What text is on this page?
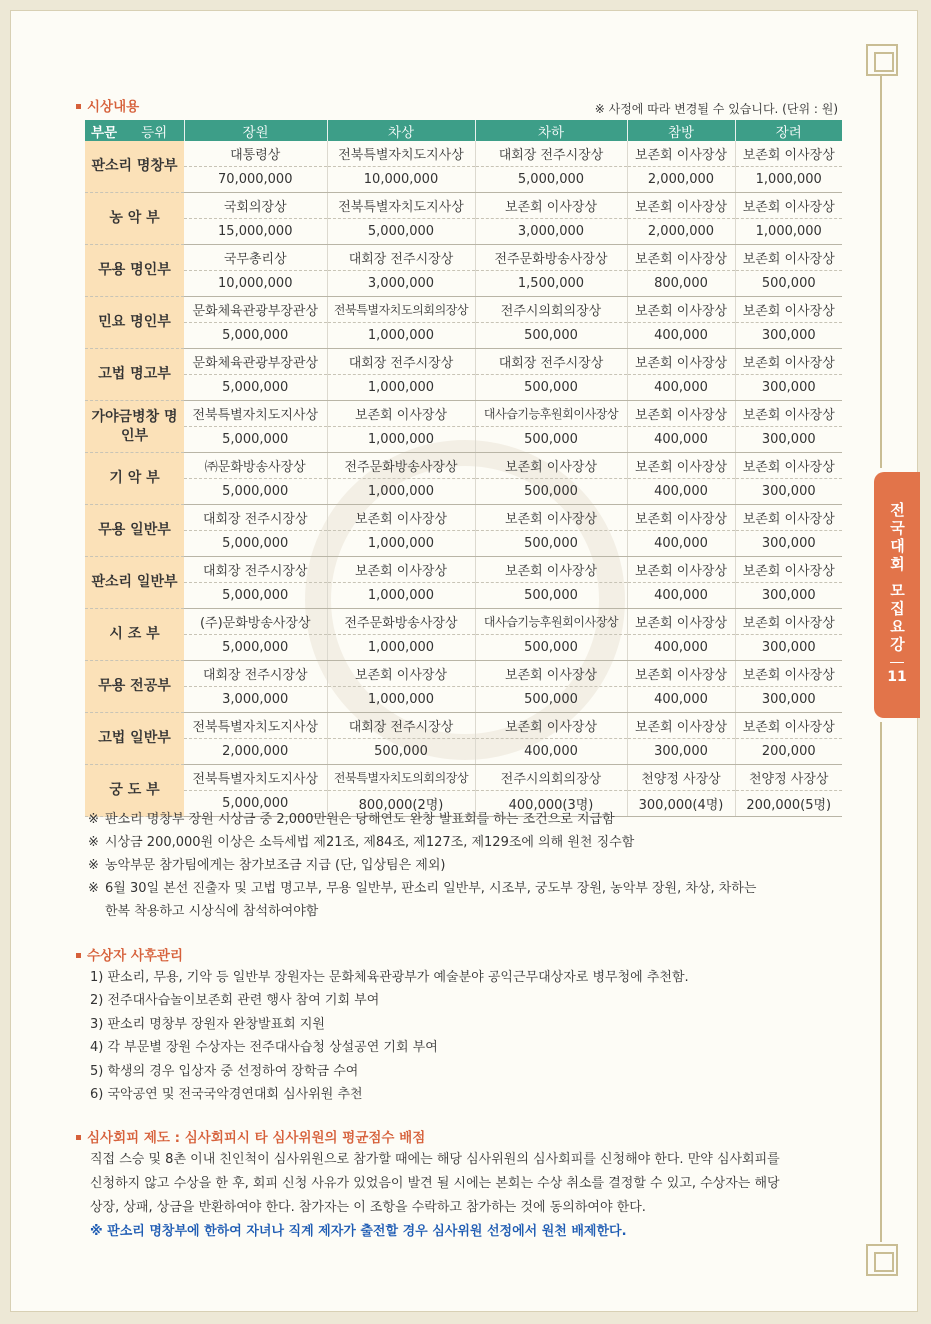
전국대회 모집요강
11
시상내용	※ 사정에 따라 변경될 수 있습니다. (단위 : 원)
부문 등위	장원	차상	차하	참방	장려
판소리 명창부	대통령상	전북특별자치도지사상	대회장 전주시장상	보존회 이사장상	보존회 이사장상
	70,000,000	10,000,000	5,000,000	2,000,000	1,000,000
농 악 부	국회의장상	전북특별자치도지사상	보존회 이사장상	보존회 이사장상	보존회 이사장상
	15,000,000	5,000,000	3,000,000	2,000,000	1,000,000
무용 명인부	국무총리상	대회장 전주시장상	전주문화방송사장상	보존회 이사장상	보존회 이사장상
	10,000,000	3,000,000	1,500,000	800,000	500,000
민요 명인부	문화체육관광부장관상	전북특별자치도의회의장상	전주시의회의장상	보존회 이사장상	보존회 이사장상
	5,000,000	1,000,000	500,000	400,000	300,000
고법 명고부	문화체육관광부장관상	대회장 전주시장상	대회장 전주시장상	보존회 이사장상	보존회 이사장상
	5,000,000	1,000,000	500,000	400,000	300,000
가야금병창 명인부	전북특별자치도지사상	보존회 이사장상	대사습기능후원회이사장상	보존회 이사장상	보존회 이사장상
	5,000,000	1,000,000	500,000	400,000	300,000
기 악 부	㈜문화방송사장상	전주문화방송사장상	보존회 이사장상	보존회 이사장상	보존회 이사장상
	5,000,000	1,000,000	500,000	400,000	300,000
무용 일반부	대회장 전주시장상	보존회 이사장상	보존회 이사장상	보존회 이사장상	보존회 이사장상
	5,000,000	1,000,000	500,000	400,000	300,000
판소리 일반부	대회장 전주시장상	보존회 이사장상	보존회 이사장상	보존회 이사장상	보존회 이사장상
	5,000,000	1,000,000	500,000	400,000	300,000
시 조 부	(주)문화방송사장상	전주문화방송사장상	대사습기능후원회이사장상	보존회 이사장상	보존회 이사장상
	5,000,000	1,000,000	500,000	400,000	300,000
무용 전공부	대회장 전주시장상	보존회 이사장상	보존회 이사장상	보존회 이사장상	보존회 이사장상
	3,000,000	1,000,000	500,000	400,000	300,000
고법 일반부	전북특별자치도지사상	대회장 전주시장상	보존회 이사장상	보존회 이사장상	보존회 이사장상
	2,000,000	500,000	400,000	300,000	200,000
궁 도 부	전북특별자치도지사상	전북특별자치도의회의장상	전주시의회의장상	천양정 사장상	천양정 사장상
	5,000,000	800,000(2명)	400,000(3명)	300,000(4명)	200,000(5명)
※ 판소리 명창부 장원 시상금 중 2,000만원은 당해연도 완창 발표회를 하는 조건으로 지급함
※ 시상금 200,000원 이상은 소득세법 제21조, 제84조, 제127조, 제129조에 의해 원천 징수함
※ 농악부문 참가팀에게는 참가보조금 지급 (단, 입상팀은 제외)
※ 6월 30일 본선 진출자 및 고법 명고부, 무용 일반부, 판소리 일반부, 시조부, 궁도부 장원, 농악부 장원, 차상, 차하는
한복 착용하고 시상식에 참석하여야함
수상자 사후관리
1) 판소리, 무용, 기악 등 일반부 장원자는 문화체육관광부가 예술분야 공익근무대상자로 병무청에 추천함.
2) 전주대사습놀이보존회 관련 행사 참여 기회 부여
3) 판소리 명창부 장원자 완창발표회 지원
4) 각 부문별 장원 수상자는 전주대사습청 상설공연 기회 부여
5) 학생의 경우 입상자 중 선정하여 장학금 수여
6) 국악공연 및 전국국악경연대회 심사위원 추천
심사회피 제도 : 심사회피시 타 심사위원의 평균점수 배점
직접 스승 및 8촌 이내 친인척이 심사위원으로 참가할 때에는 해당 심사위원의 심사회피를 신청해야 한다. 만약 심사회피를
신청하지 않고 수상을 한 후, 회피 신청 사유가 있었음이 발견 될 시에는 본회는 수상 취소를 결정할 수 있고, 수상자는 해당
상장, 상패, 상금을 반환하여야 한다. 참가자는 이 조항을 수락하고 참가하는 것에 동의하여야 한다.
※ 판소리 명창부에 한하여 자녀나 직계 제자가 출전할 경우 심사위원 선정에서 원천 배제한다.
